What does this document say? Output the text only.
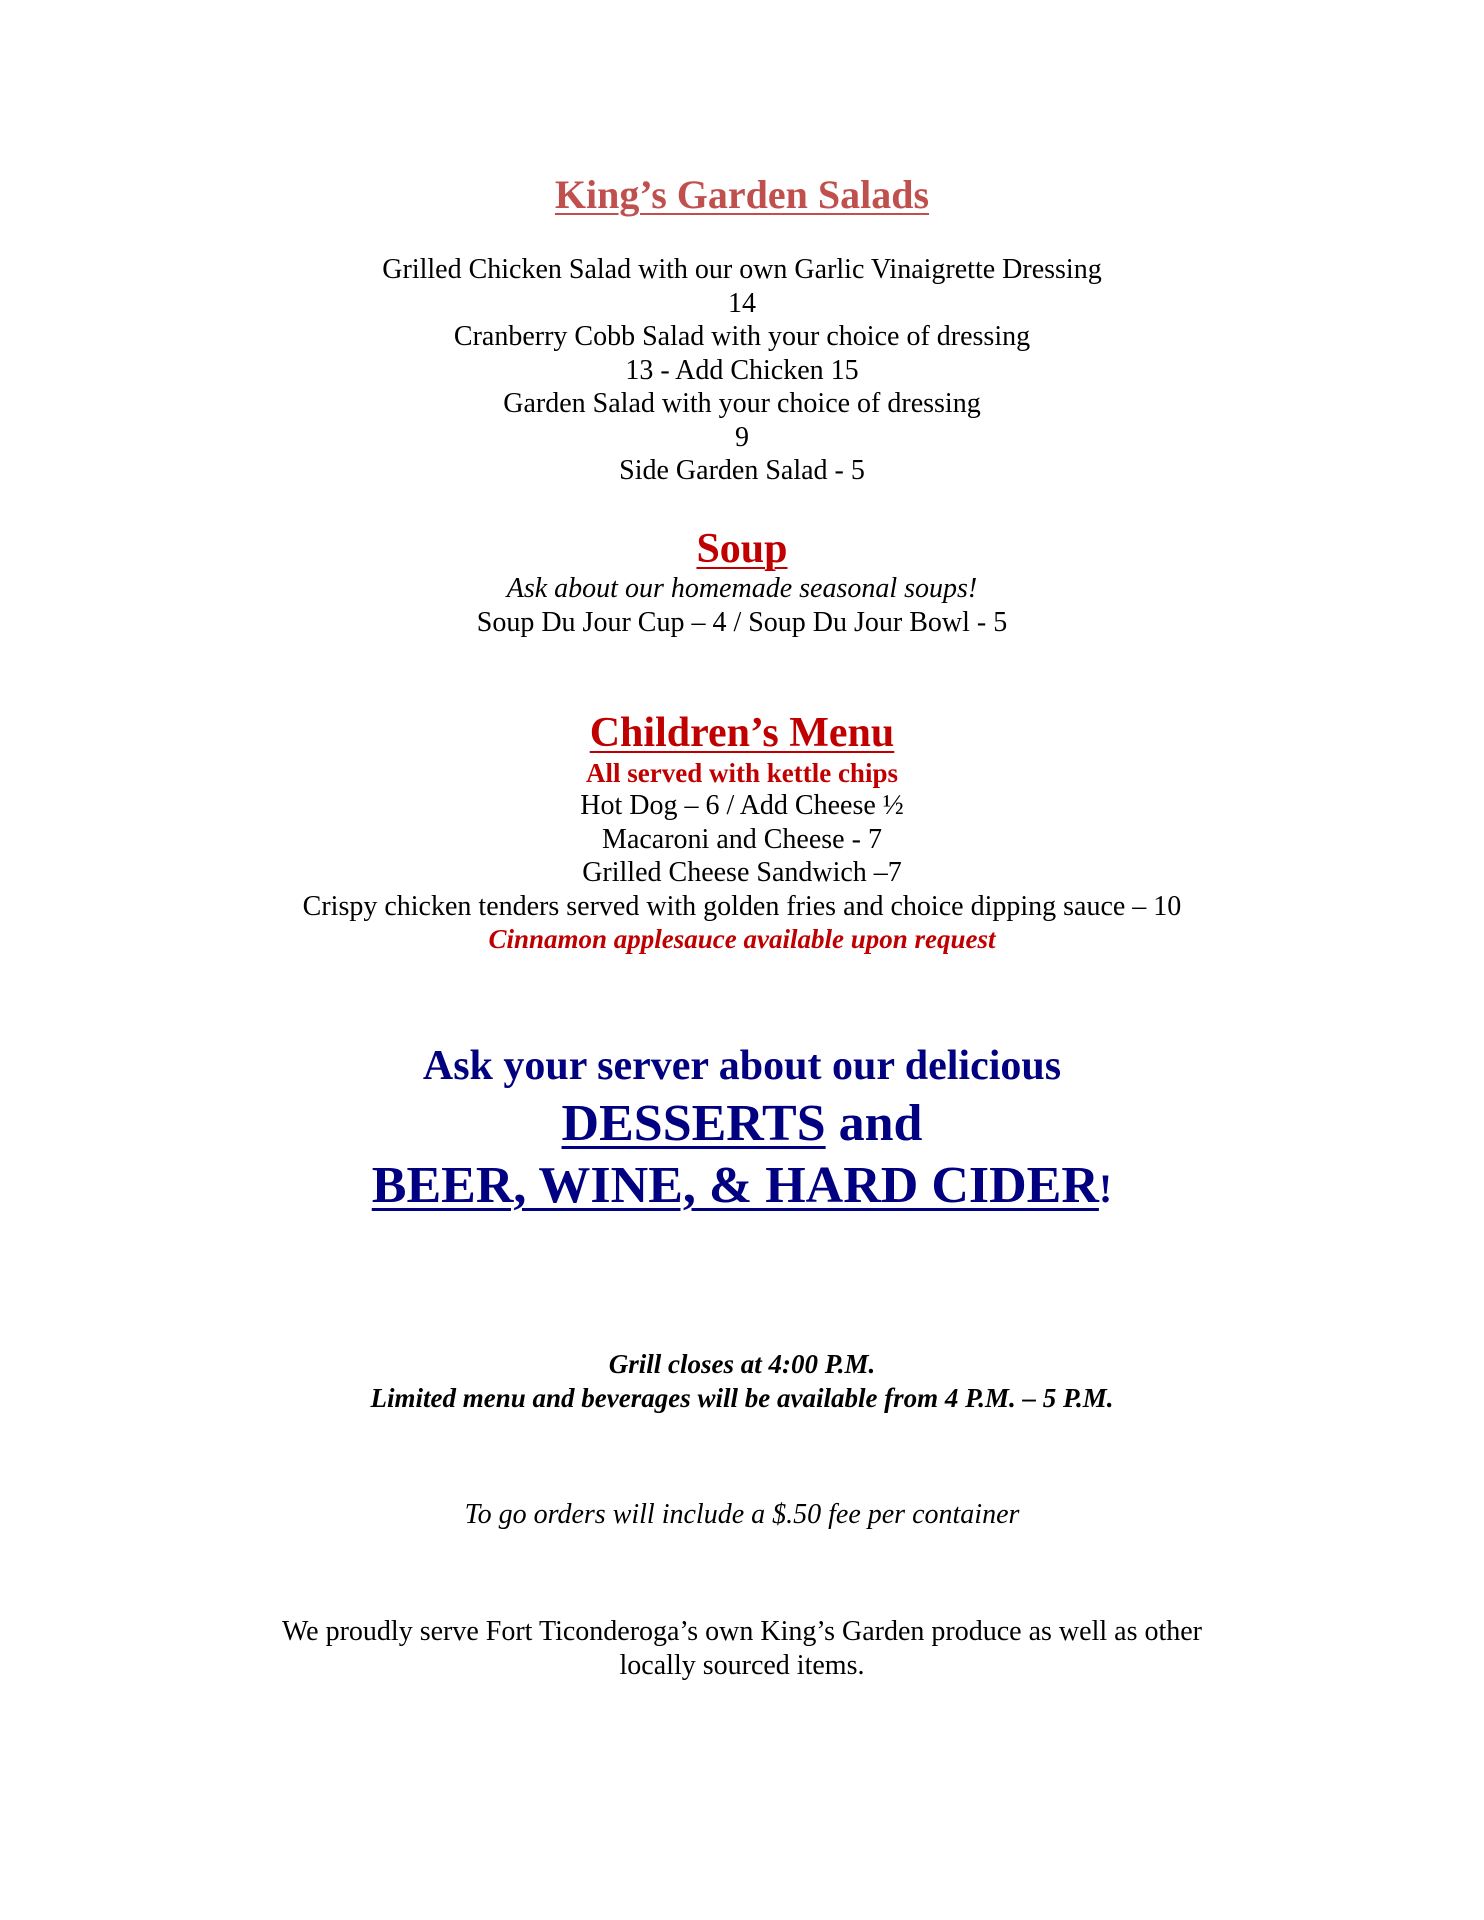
King’s Garden Salads
Grilled Chicken Salad with our own Garlic Vinaigrette Dressing
14
Cranberry Cobb Salad with your choice of dressing
13 - Add Chicken 15
Garden Salad with your choice of dressing
9
Side Garden Salad - 5
Soup
Ask about our homemade seasonal soups!
Soup Du Jour Cup – 4 / Soup Du Jour Bowl - 5
Children’s Menu
All served with kettle chips
Hot Dog – 6 / Add Cheese ½
Macaroni and Cheese - 7
Grilled Cheese Sandwich –7
Crispy chicken tenders served with golden fries and choice dipping sauce – 10
Cinnamon applesauce available upon request
Ask your server about our delicious
DESSERTS and
BEER, WINE, & HARD CIDER!
Grill closes at 4:00 P.M.
Limited menu and beverages will be available from 4 P.M. – 5 P.M.
To go orders will include a $.50 fee per container
We proudly serve Fort Ticonderoga’s own King’s Garden produce as well as other
locally sourced items.
